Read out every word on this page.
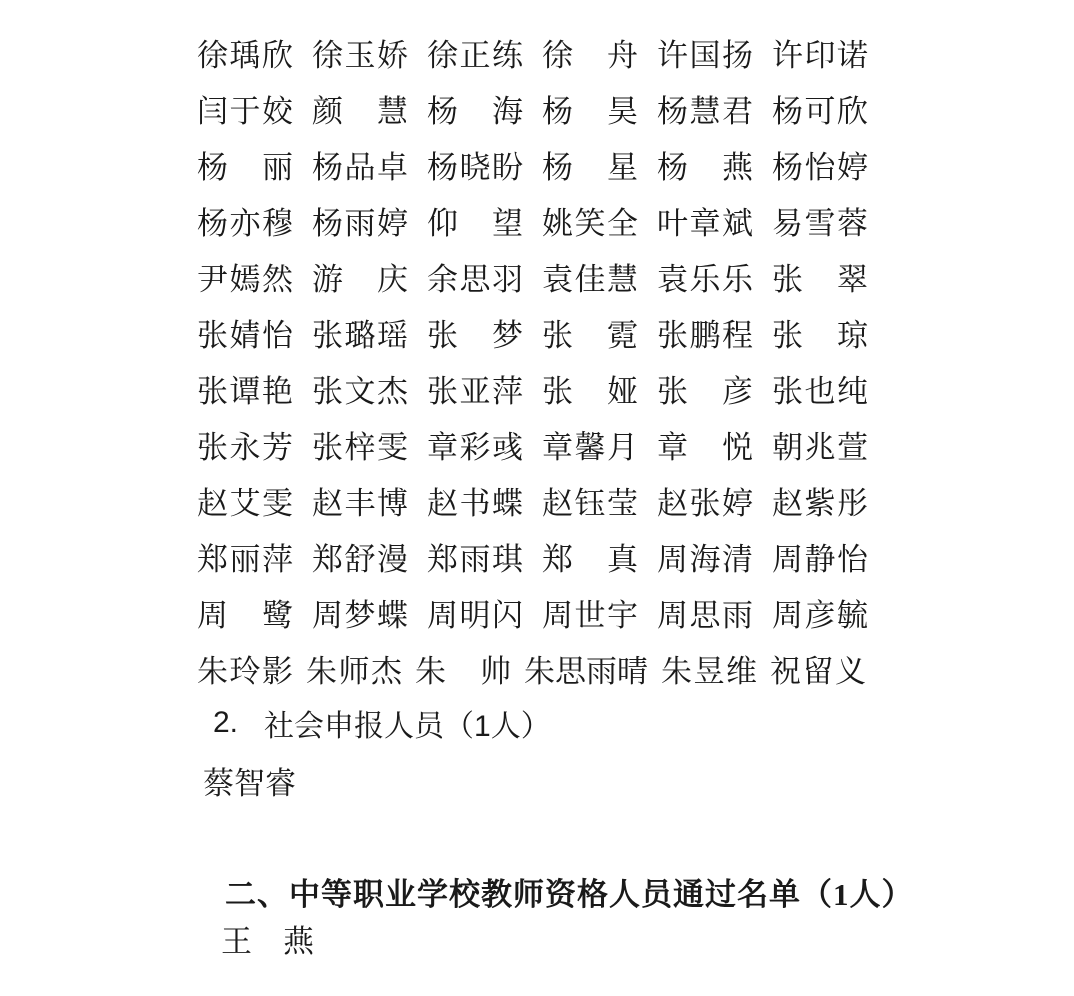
徐瑀欣 徐玉娇 徐正练 徐　舟 许国扬 许印诺
闫于姣 颜　慧 杨　海 杨　昊 杨慧君 杨可欣
杨　丽 杨品卓 杨晓盼 杨　星 杨　燕 杨怡婷
杨亦穆 杨雨婷 仰　望 姚笑全 叶章斌 易雪蓉
尹嫣然 游　庆 余思羽 袁佳慧 袁乐乐 张　翠
张婧怡 张璐瑶 张　梦 张　霓 张鹏程 张　琼
张谭艳 张文杰 张亚萍 张　娅 张　彦 张也纯
张永芳 张梓雯 章彩彧 章馨月 章　悦 朝兆萱
赵艾雯 赵丰博 赵书蝶 赵钰莹 赵张婷 赵紫彤
郑丽萍 郑舒漫 郑雨琪 郑　真 周海清 周静怡
周　鹭 周梦蝶 周明闪 周世宇 周思雨 周彦毓
朱玲影 朱师杰 朱　帅 朱思雨晴 朱昱维 祝留义
2. 社会申报人员（1人）
蔡智睿
二、中等职业学校教师资格人员通过名单（1人）
王　燕
